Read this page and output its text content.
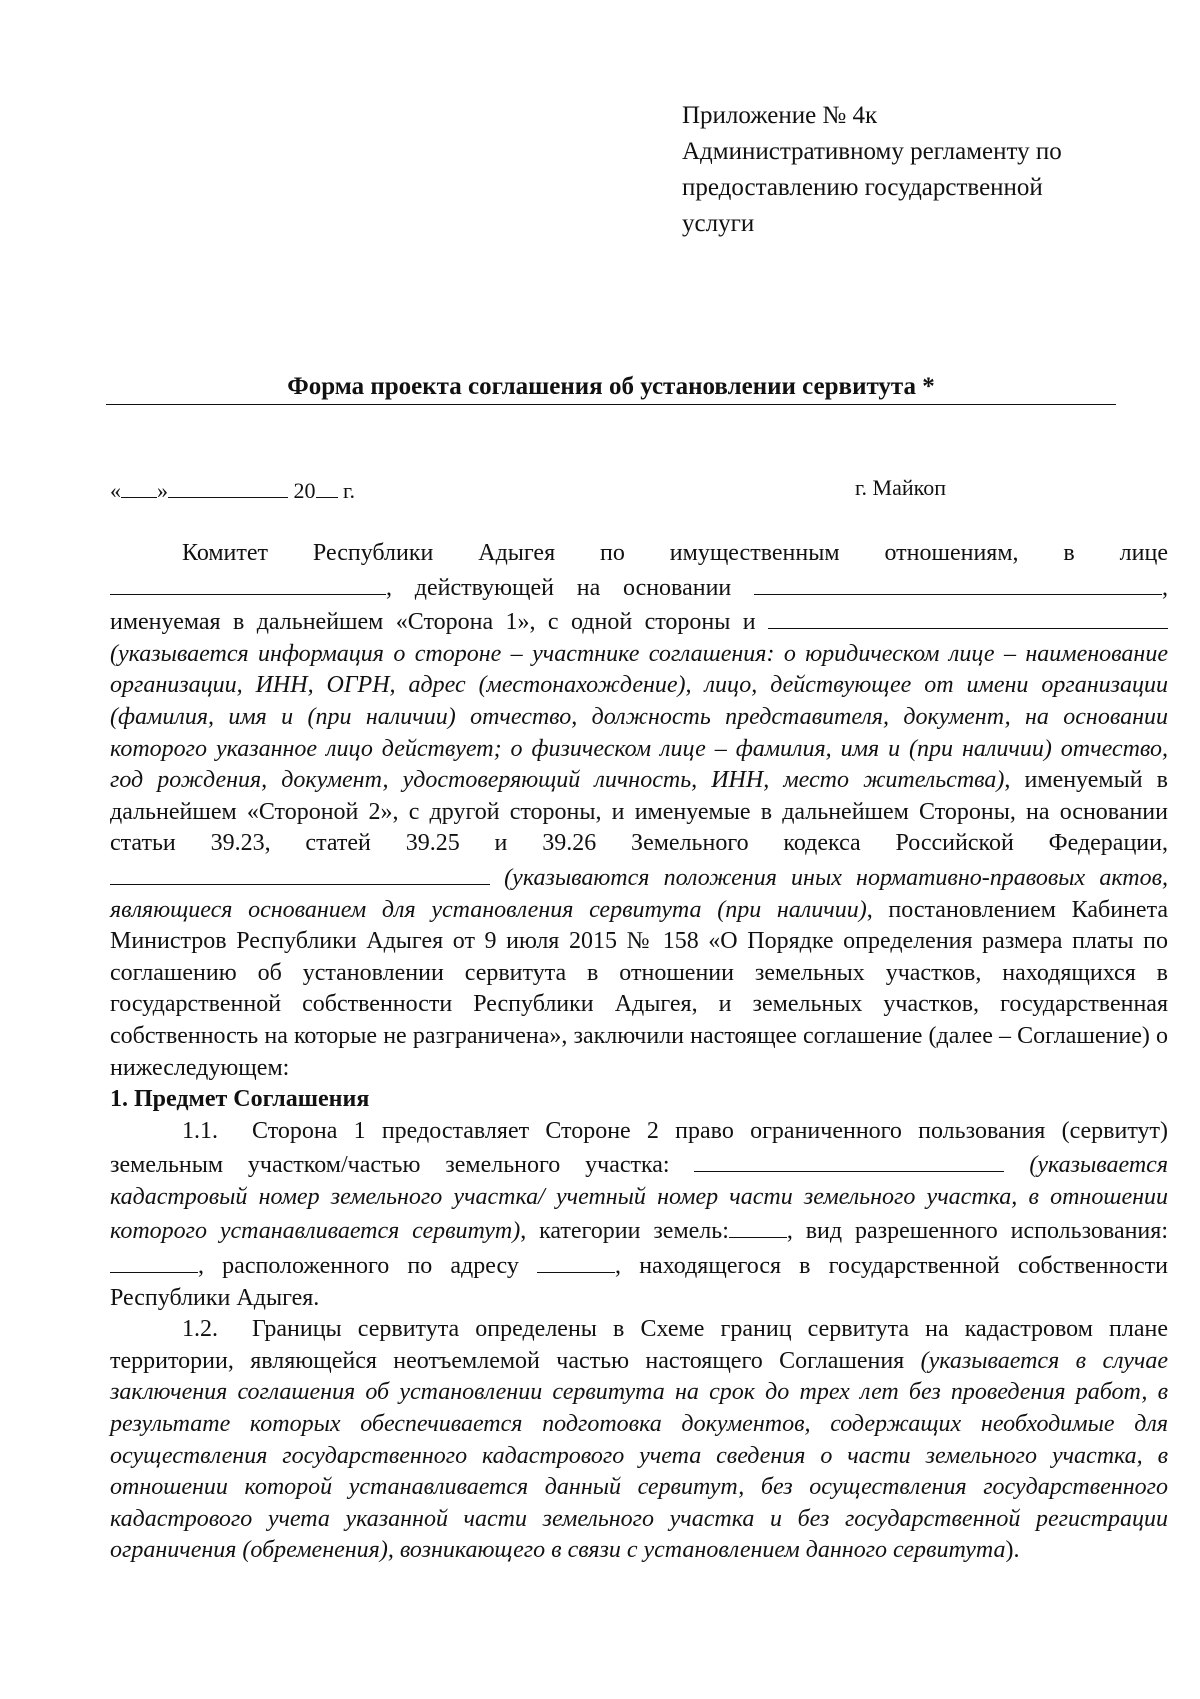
Приложение № 4к
Административному регламенту по
предоставлению государственной
услуги
Форма проекта соглашения об установлении сервитута *
« »	20 г.	г. Майкоп

Комитет Республики Адыгея по имущественным отношениям, в лице , действующей на основании	, именуемая в дальнейшем «Сторона 1», с одной стороны и  (указывается информация о стороне – участнике соглашения: о юридическом лице – наименование организации, ИНН, ОГРН, адрес (местонахождение), лицо, действующее от имени организации (фамилия, имя и (при наличии) отчество, должность представителя, документ, на основании которого указанное лицо действует; о физическом лице – фамилия, имя и (при наличии) отчество, год рождения, документ, удостоверяющий личность, ИНН, место жительства), именуемый в дальнейшем «Стороной 2», с другой стороны, и именуемые в дальнейшем Стороны, на основании статьи 39.23, статей 39.25 и 39.26 Земельного кодекса Российской Федерации,  (указываются положения иных нормативно-правовых актов, являющиеся основанием для установления сервитута (при наличии), постановлением Кабинета Министров Республики Адыгея от 9 июля 2015 № 158 «О Порядке определения размера платы по соглашению об установлении сервитута в отношении земельных участков, находящихся в государственной собственности Республики Адыгея, и земельных участков, государственная собственность на которые не разграничена», заключили настоящее соглашение (далее – Соглашение) о нижеследующем:

1. Предмет Соглашения

1.1. Сторона 1 предоставляет Стороне 2 право ограниченного пользования (сервитут) земельным участком/частью земельного участка:	(указывается кадастровый номер земельного участка/ учетный номер части земельного участка, в отношении которого устанавливается сервитут), категории земель: , вид разрешенного использования: , расположенного по адресу	, находящегося в государственной собственности Республики Адыгея.

1.2. Границы сервитута определены в Схеме границ сервитута на кадастровом плане территории, являющейся неотъемлемой частью настоящего Соглашения (указывается в случае заключения соглашения об установлении сервитута на срок до трех лет без проведения работ, в результате которых обеспечивается подготовка документов, содержащих необходимые для осуществления государственного кадастрового учета сведения о части земельного участка, в отношении которой устанавливается данный сервитут, без осуществления государственного кадастрового учета указанной части земельного участка и без государственной регистрации ограничения (обременения), возникающего в связи с установлением данного сервитута).
